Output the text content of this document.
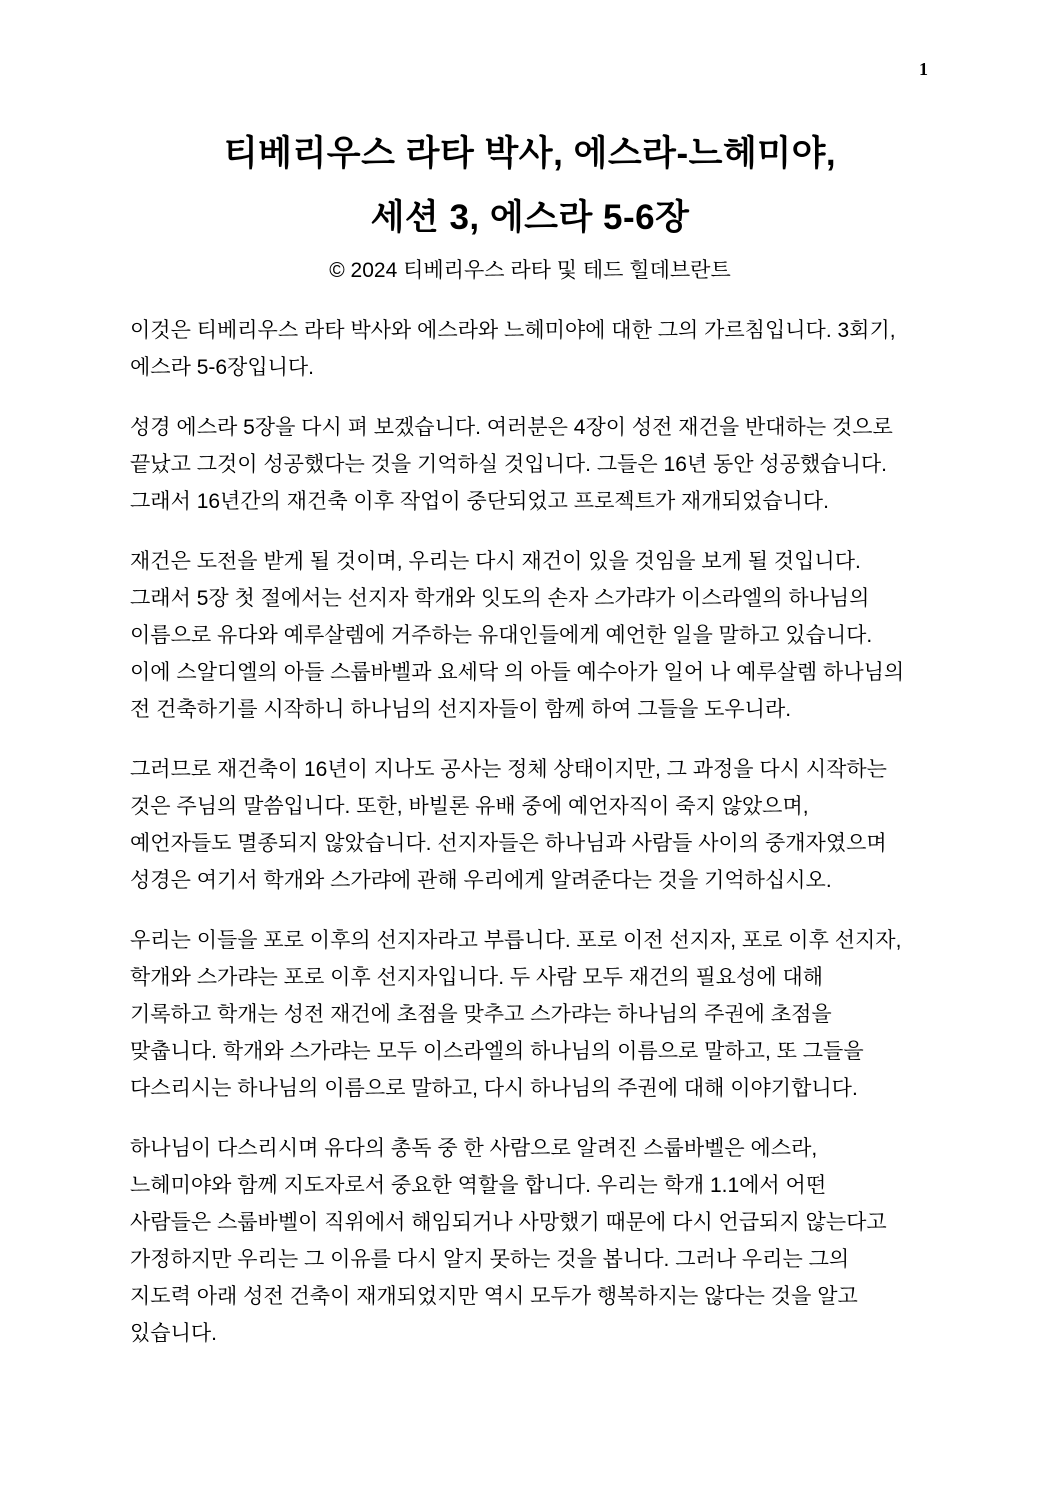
1
티베리우스 라타 박사, 에스라-느헤미야,
세션 3, 에스라 5-6장
© 2024 티베리우스 라타 및 테드 힐데브란트

이것은 티베리우스 라타 박사와 에스라와 느헤미야에 대한 그의 가르침입니다. 3회기,
에스라 5-6장입니다.

성경 에스라 5장을 다시 펴 보겠습니다. 여러분은 4장이 성전 재건을 반대하는 것으로
끝났고 그것이 성공했다는 것을 기억하실 것입니다. 그들은 16년 동안 성공했습니다.
그래서 16년간의 재건축 이후 작업이 중단되었고 프로젝트가 재개되었습니다.

재건은 도전을 받게 될 것이며, 우리는 다시 재건이 있을 것임을 보게 될 것입니다.
그래서 5장 첫 절에서는 선지자 학개와 잇도의 손자 스가랴가 이스라엘의 하나님의
이름으로 유다와 예루살렘에 거주하는 유대인들에게 예언한 일을 말하고 있습니다.
이에 스알디엘의 아들 스룹바벨과 요세닥 의 아들 예수아가 일어 나 예루살렘 하나님의
전 건축하기를 시작하니 하나님의 선지자들이 함께 하여 그들을 도우니라.

그러므로 재건축이 16년이 지나도 공사는 정체 상태이지만, 그 과정을 다시 시작하는
것은 주님의 말씀입니다. 또한, 바빌론 유배 중에 예언자직이 죽지 않았으며,
예언자들도 멸종되지 않았습니다. 선지자들은 하나님과 사람들 사이의 중개자였으며
성경은 여기서 학개와 스가랴에 관해 우리에게 알려준다는 것을 기억하십시오.

우리는 이들을 포로 이후의 선지자라고 부릅니다. 포로 이전 선지자, 포로 이후 선지자,
학개와 스가랴는 포로 이후 선지자입니다. 두 사람 모두 재건의 필요성에 대해
기록하고 학개는 성전 재건에 초점을 맞추고 스가랴는 하나님의 주권에 초점을
맞춥니다. 학개와 스가랴는 모두 이스라엘의 하나님의 이름으로 말하고, 또 그들을
다스리시는 하나님의 이름으로 말하고, 다시 하나님의 주권에 대해 이야기합니다.

하나님이 다스리시며 유다의 총독 중 한 사람으로 알려진 스룹바벨은 에스라,
느헤미야와 함께 지도자로서 중요한 역할을 합니다. 우리는 학개 1.1에서 어떤
사람들은 스룹바벨이 직위에서 해임되거나 사망했기 때문에 다시 언급되지 않는다고
가정하지만 우리는 그 이유를 다시 알지 못하는 것을 봅니다. 그러나 우리는 그의
지도력 아래 성전 건축이 재개되었지만 역시 모두가 행복하지는 않다는 것을 알고
있습니다.
